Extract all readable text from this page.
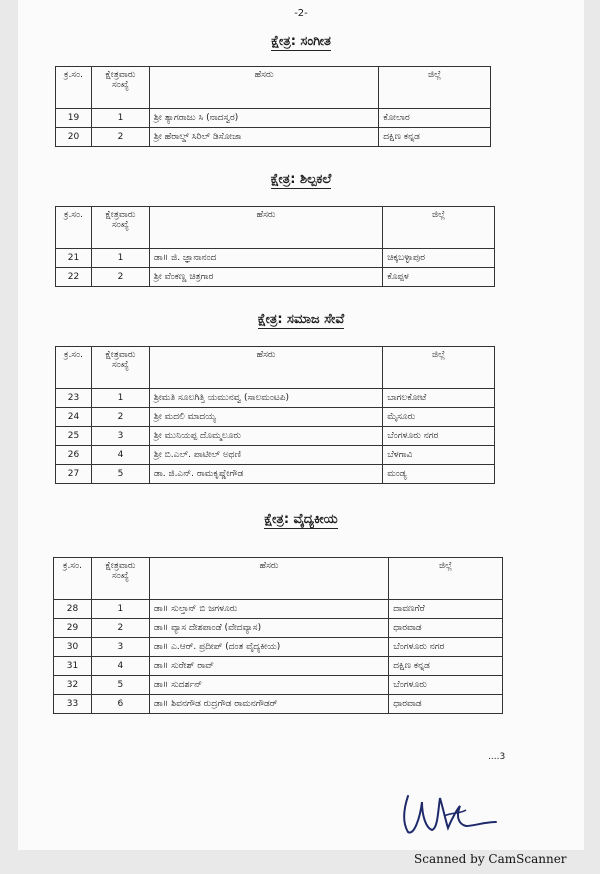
-2-
ಕ್ಷೇತ್ರ: ಸಂಗೀತ
ಕ್ರ.ಸಂ.	ಕ್ಷೇತ್ರವಾರು ಸಂಖ್ಯೆ	ಹೆಸರು	ಜಿಲ್ಲೆ
19	1	ಶ್ರೀ ತ್ಯಾಗರಾಜು ಸಿ (ನಾದಸ್ವರ)	ಕೋಲಾರ
20	2	ಶ್ರೀ ಹೆರಾಲ್ಡ್ ಸಿರಿಲ್ ಡಿಸೋಜಾ	ದಕ್ಷಿಣ ಕನ್ನಡ
ಕ್ಷೇತ್ರ: ಶಿಲ್ಪಕಲೆ
ಕ್ರ.ಸಂ.	ಕ್ಷೇತ್ರವಾರು ಸಂಖ್ಯೆ	ಹೆಸರು	ಜಿಲ್ಲೆ
21	1	ಡಾ॥ ಜಿ. ಜ್ಞಾನಾನಂದ	ಚಿಕ್ಕಬಳ್ಳಾಪುರ
22	2	ಶ್ರೀ ವೆಂಕಣ್ಣ ಚಿತ್ರಗಾರ	ಕೊಪ್ಪಳ
ಕ್ಷೇತ್ರ: ಸಮಾಜ ಸೇವೆ
ಕ್ರ.ಸಂ.	ಕ್ಷೇತ್ರವಾರು ಸಂಖ್ಯೆ	ಹೆಸರು	ಜಿಲ್ಲೆ
23	1	ಶ್ರೀಮತಿ ಸೂಲಗಿತ್ತಿ ಯಮುನವ್ವ (ಸಾಲಮಂಟಪಿ)	ಬಾಗಲಕೋಟೆ
24	2	ಶ್ರೀ ಮದಲಿ ಮಾದಯ್ಯ	ಮೈಸೂರು
25	3	ಶ್ರೀ ಮುನಿಯಪ್ಪ ದೊಮ್ಮಲೂರು	ಬೆಂಗಳೂರು ನಗರ
26	4	ಶ್ರೀ ಬಿ.ಎಲ್. ಪಾಟೀಲ್ ಅಥಣಿ	ಬೆಳಗಾವಿ
27	5	ಡಾ. ಜಿ.ಎನ್. ರಾಮಕೃಷ್ಣೇಗೌಡ	ಮಂಡ್ಯ
ಕ್ಷೇತ್ರ: ವೈದ್ಯಕೀಯ
ಕ್ರ.ಸಂ.	ಕ್ಷೇತ್ರವಾರು ಸಂಖ್ಯೆ	ಹೆಸರು	ಜಿಲ್ಲೆ
28	1	ಡಾ॥ ಸುಲ್ತಾನ್ ಬಿ ಜಗಳೂರು	ದಾವಣಗೆರೆ
29	2	ಡಾ॥ ವ್ಯಾಸ ದೇಶಪಾಂಡೆ (ವೇದವ್ಯಾಸ)	ಧಾರವಾಡ
30	3	ಡಾ॥ ಎ.ಆರ್. ಪ್ರದೀಪ್ (ದಂತ ವೈದ್ಯಕೀಯ)	ಬೆಂಗಳೂರು ನಗರ
31	4	ಡಾ॥ ಸುರೇಶ್ ರಾವ್	ದಕ್ಷಿಣ ಕನ್ನಡ
32	5	ಡಾ॥ ಸುದರ್ಶನ್	ಬೆಂಗಳೂರು
33	6	ಡಾ॥ ಶಿವನಗೌಡ ರುದ್ರಗೌಡ ರಾಮನಗೌಡರ್	ಧಾರವಾಡ
....3
Scanned by CamScanner
